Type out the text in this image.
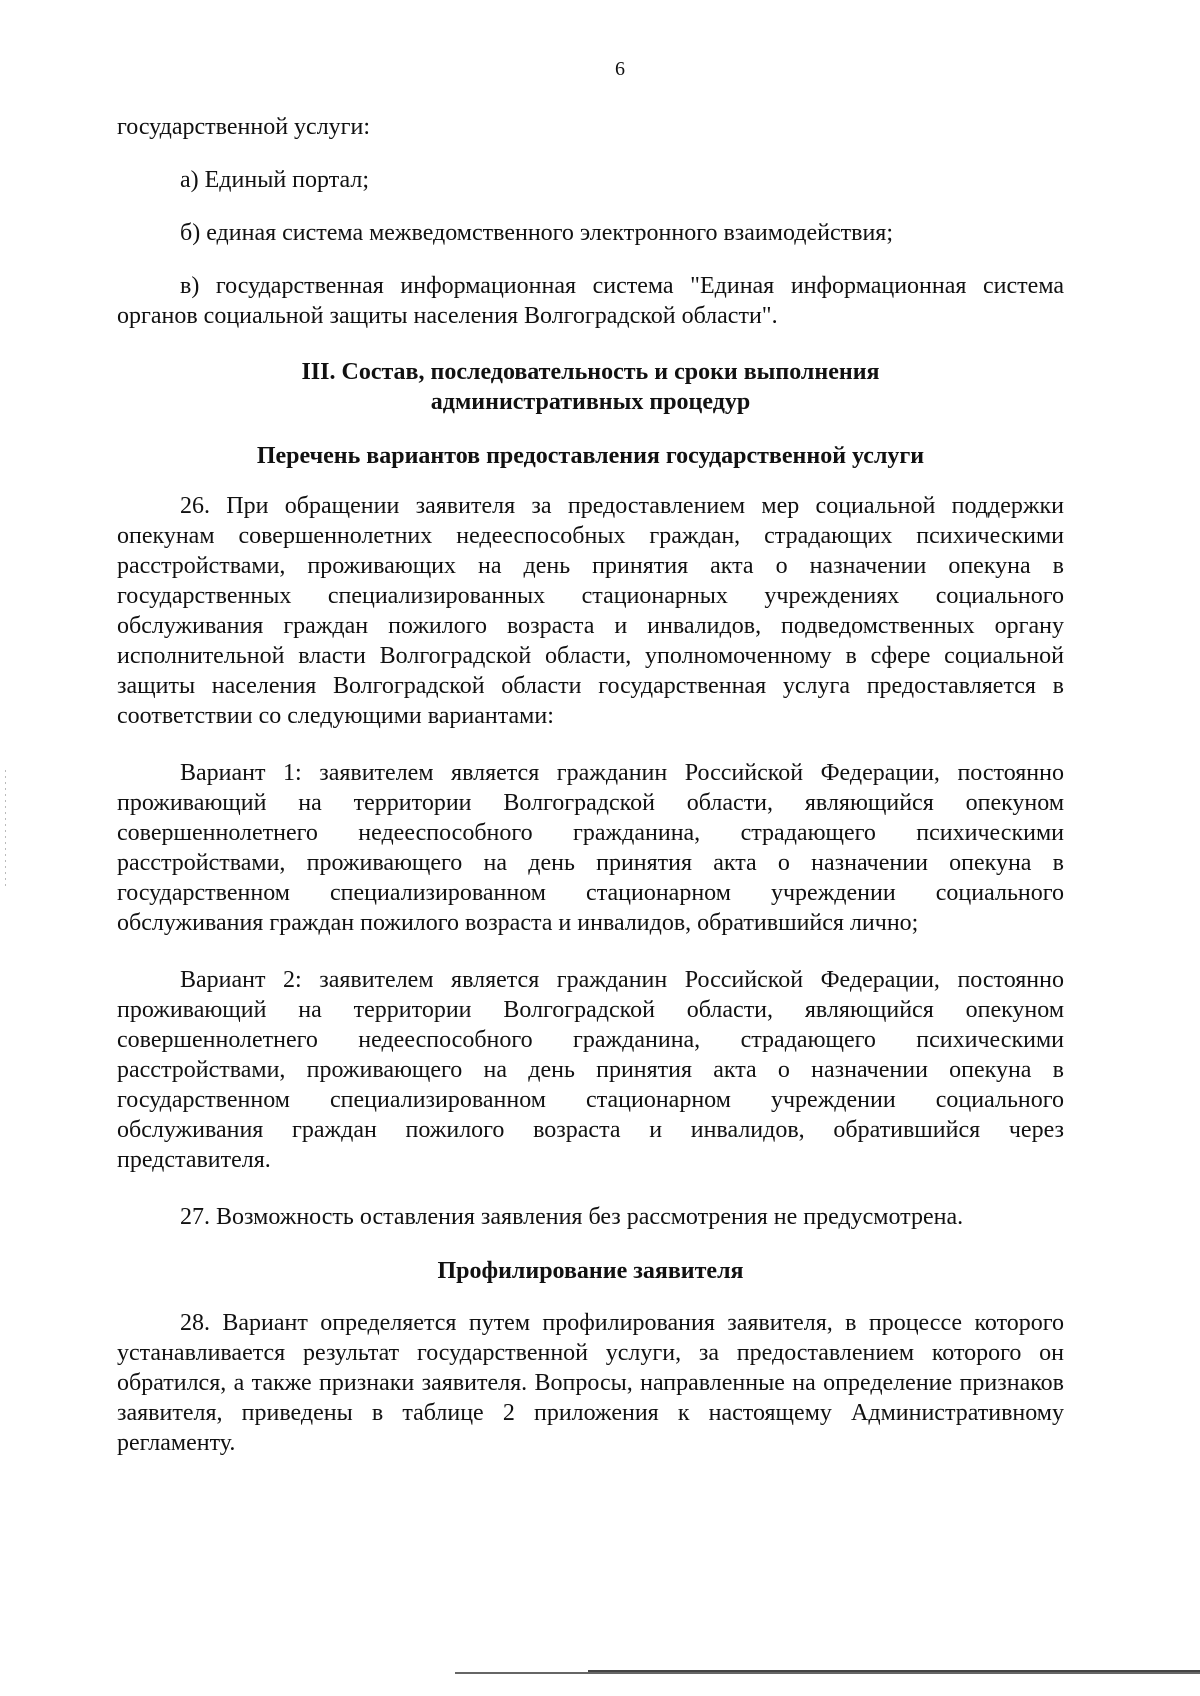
6

государственной услуги:

а) Единый портал;

б) единая система межведомственного электронного взаимодействия;

в) государственная информационная система "Единая информационная система органов социальной защиты населения Волгоградской области".

III. Состав, последовательность и сроки выполнения
административных процедур
Перечень вариантов предоставления государственной услуги

26. При обращении заявителя за предоставлением мер социальной поддержки опекунам совершеннолетних недееспособных граждан, страдающих психическими расстройствами, проживающих на день принятия акта о назначении опекуна в государственных специализированных стационарных учреждениях социального обслуживания граждан пожилого возраста и инвалидов, подведомственных органу исполнительной власти Волгоградской области, уполномоченному в сфере социальной защиты населения Волгоградской области государственная услуга предоставляется в соответствии со следующими вариантами:

Вариант 1: заявителем является гражданин Российской Федерации, постоянно проживающий на территории Волгоградской области, являющийся опекуном совершеннолетнего недееспособного гражданина, страдающего психическими расстройствами, проживающего на день принятия акта о назначении опекуна в государственном специализированном стационарном учреждении социального обслуживания граждан пожилого возраста и инвалидов, обратившийся лично;

Вариант 2: заявителем является гражданин Российской Федерации, постоянно проживающий на территории Волгоградской области, являющийся опекуном совершеннолетнего недееспособного гражданина, страдающего психическими расстройствами, проживающего на день принятия акта о назначении опекуна в государственном специализированном стационарном учреждении социального обслуживания граждан пожилого возраста и инвалидов, обратившийся через представителя.

27. Возможность оставления заявления без рассмотрения не предусмотрена.

Профилирование заявителя

28. Вариант определяется путем профилирования заявителя, в процессе которого устанавливается результат государственной услуги, за предоставлением которого он обратился, а также признаки заявителя. Вопросы, направленные на определение признаков заявителя, приведены в таблице 2 приложения к настоящему Административному регламенту.
